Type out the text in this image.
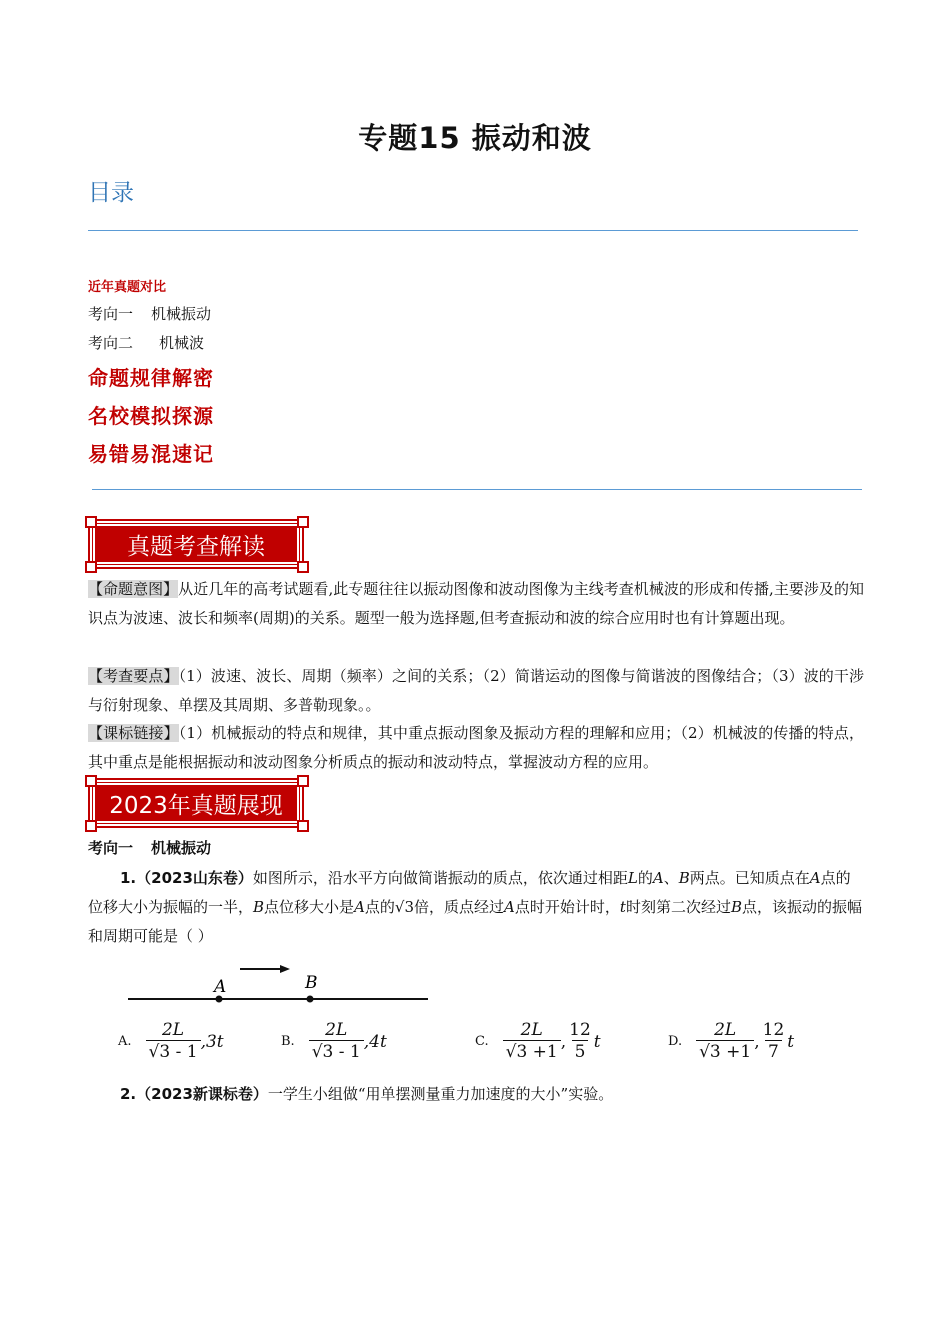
专题15 振动和波
目录
近年真题对比
考向一 机械振动
考向二 机械波
命题规律解密
名校模拟探源
易错易混速记
真题考查解读
【命题意图】从近几年的高考试题看,此专题往往以振动图像和波动图像为主线考查机械波的形成和传播,主要涉及的知识点为波速、波长和频率(周期)的关系。题型一般为选择题,但考查振动和波的综合应用时也有计算题出现。
【考查要点】（1）波速、波长、周期（频率）之间的关系；（2）简谐运动的图像与简谐波的图像结合；（3）波的干涉与衍射现象、单摆及其周期、多普勒现象。。
【课标链接】（1）机械振动的特点和规律，其中重点振动图象及振动方程的理解和应用；（2）机械波的传播的特点，其中重点是能根据振动和波动图象分析质点的振动和波动特点，掌握波动方程的应用。
2023年真题展现
考向一 机械振动
1.（2023山东卷）如图所示，沿水平方向做简谐振动的质点，依次通过相距L的A、B两点。已知质点在A点的位移大小为振幅的一半，B点位移大小是A点的√3倍，质点经过A点时开始计时，t时刻第二次经过B点，该振动的振幅和周期可能是（ ）
A	B
A. $\frac{2L}{√3 - 1} ,3t$	B. $\frac{2L}{√3 - 1} ,4t$	C. $\frac{2L}{√3 +1}$ , $\frac{12}{5}$ t	D. $\frac{2L}{√3 +1}$ , $\frac{12}{7}$ t
2.（2023新课标卷）一学生小组做“用单摆测量重力加速度的大小”实验。
